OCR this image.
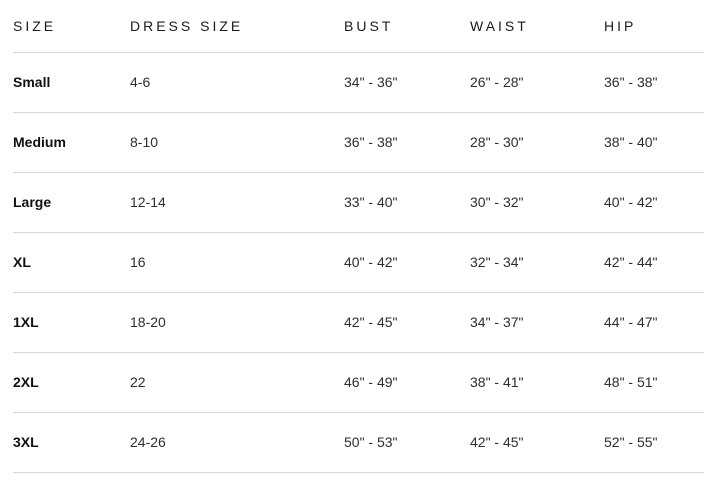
SIZE	DRESS SIZE	BUST	WAIST	HIP
Small	4-6	34" - 36"	26" - 28"	36" - 38"
Medium	8-10	36" - 38"	28" - 30"	38" - 40"
Large	12-14	33" - 40"	30" - 32"	40" - 42"
XL	16	40" - 42"	32" - 34"	42" - 44"
1XL	18-20	42" - 45"	34" - 37"	44" - 47"
2XL	22	46" - 49"	38" - 41"	48" - 51"
3XL	24-26	50" - 53"	42" - 45"	52" - 55"
